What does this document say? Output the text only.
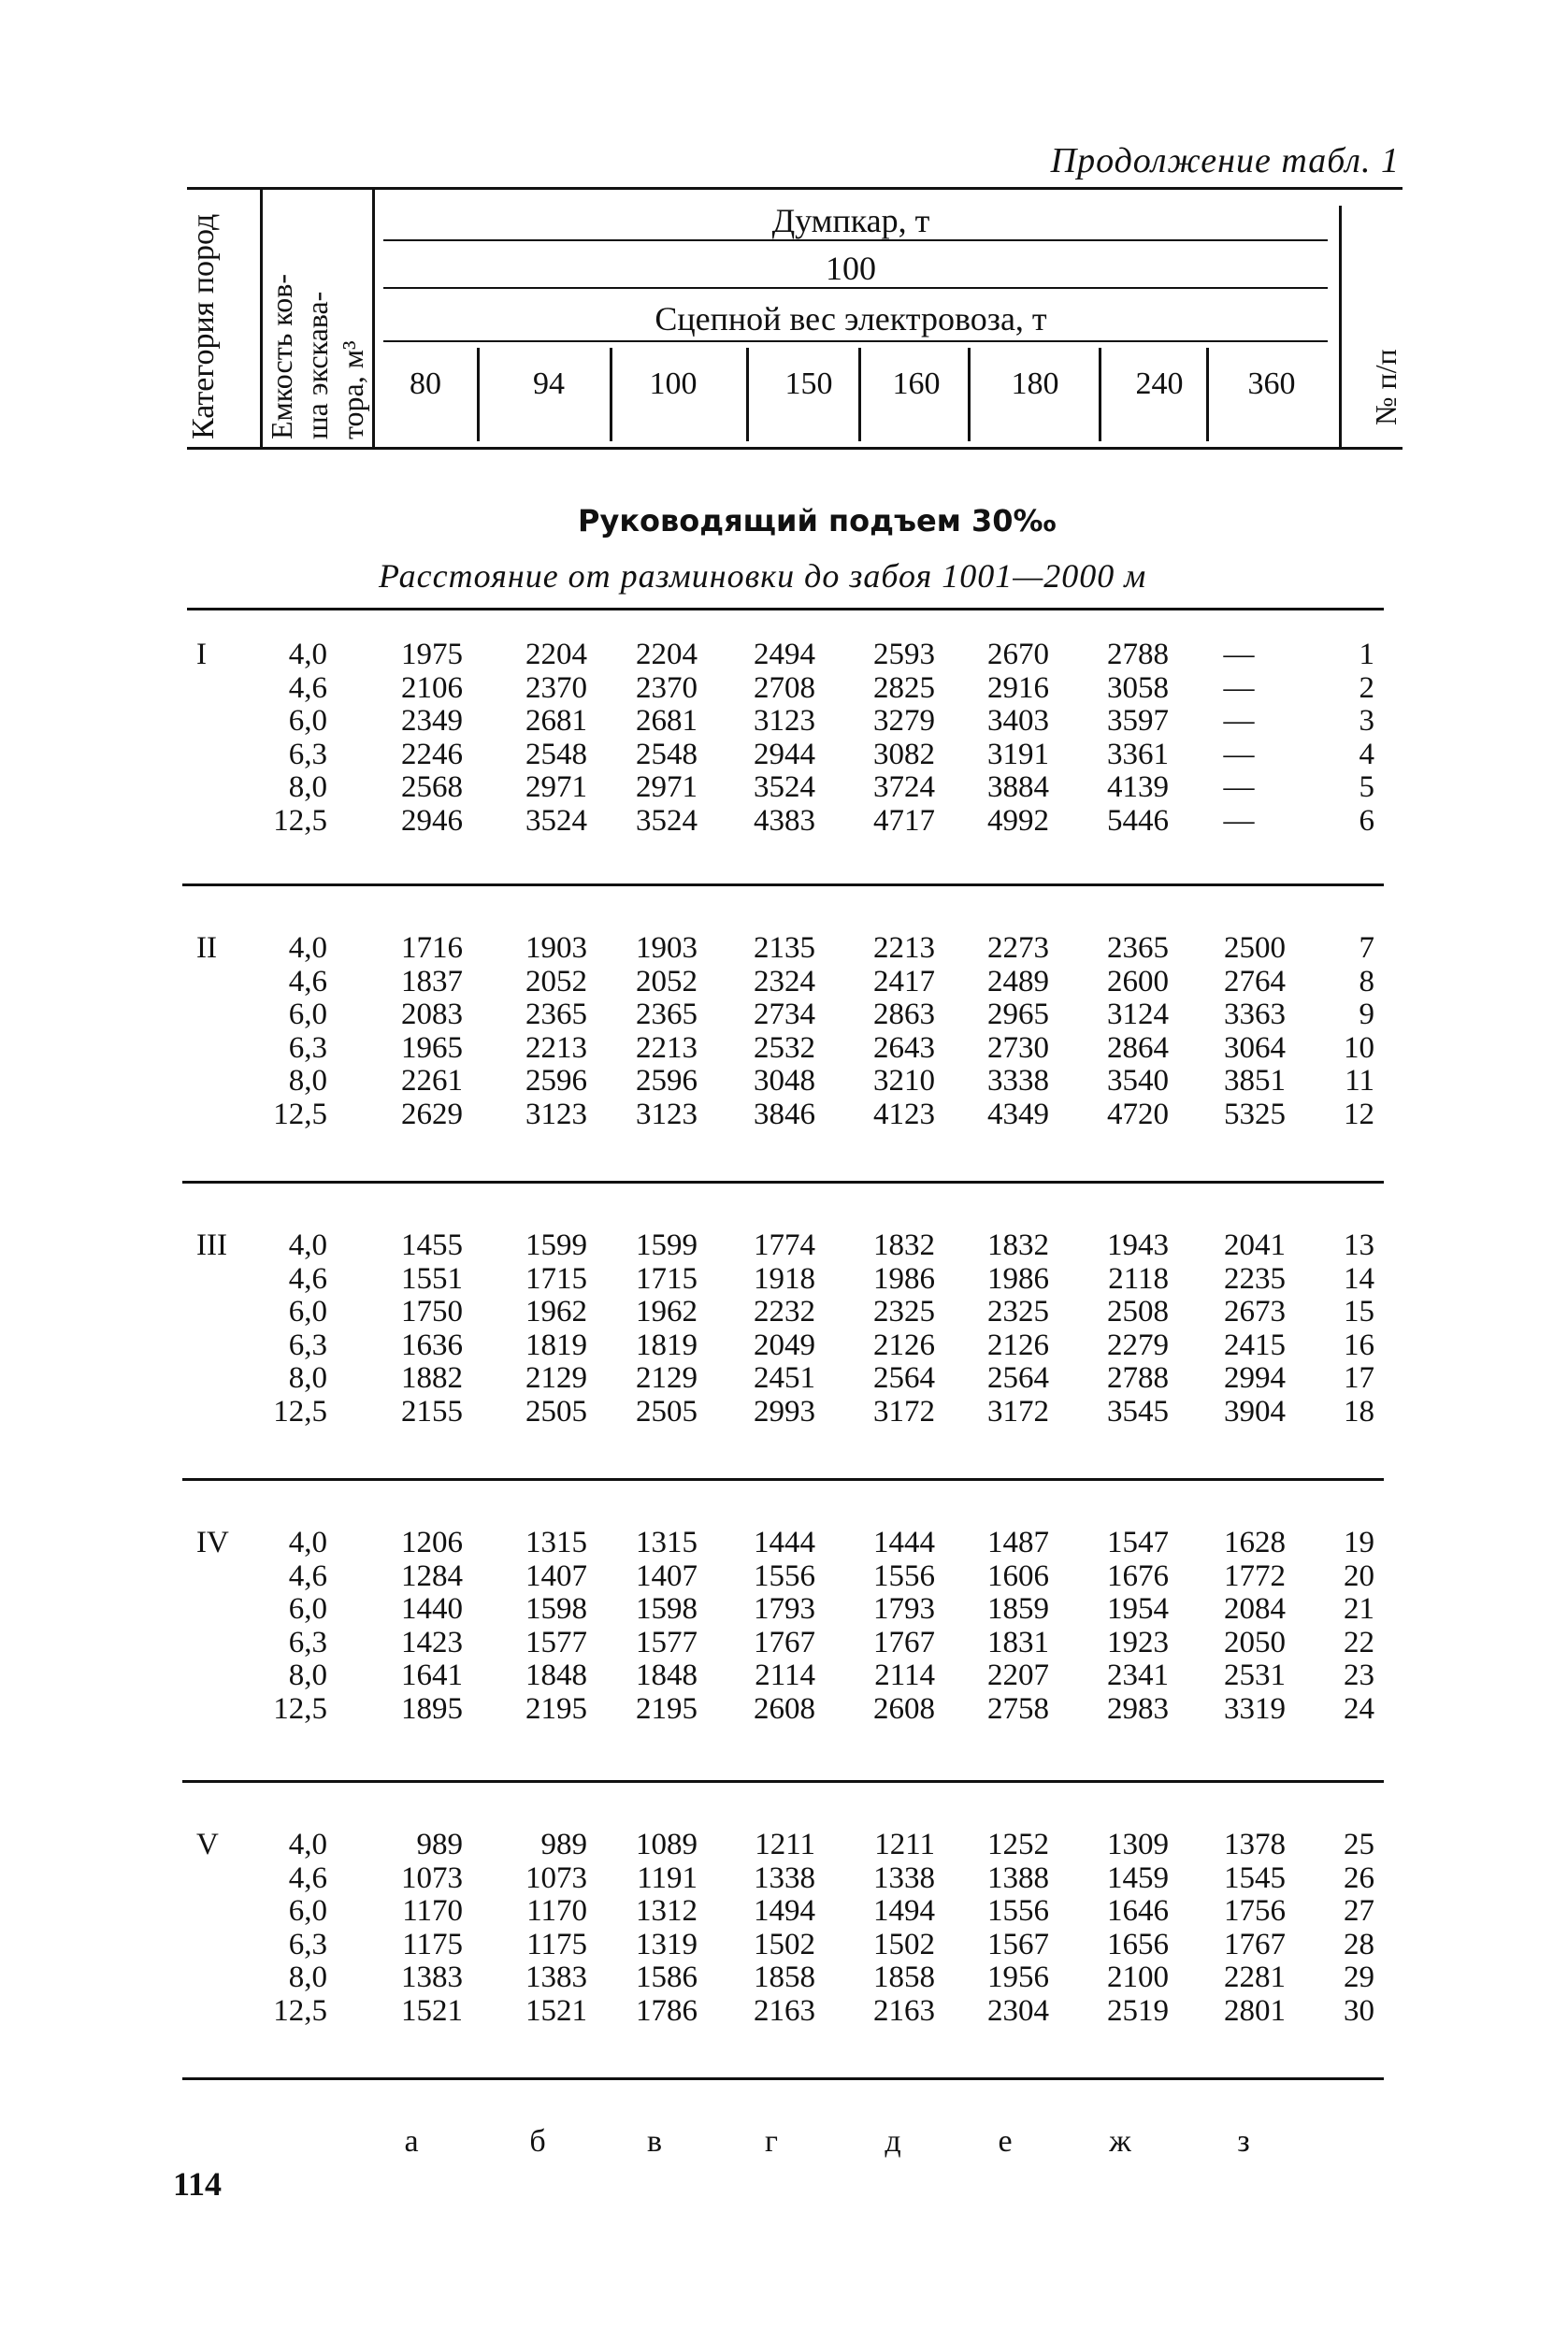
Продолжение табл. 1
Категория пород Емкость ков- ша экскава- тора, м³	№ п/п
Думпкар, т
100
Сцепной вес электровоза, т
80	94	100	150	160	180	240	360
Руководящий подъем 30‰
Расстояние от разминовки до забоя 1001—2000 м
I	4,0	1975	2204	2204	2494	2593	2670	2788	—	1
4,6	2106	2370	2370	2708	2825	2916	3058	—	2
6,0	2349	2681	2681	3123	3279	3403	3597	—	3
6,3	2246	2548	2548	2944	3082	3191	3361	—	4
8,0	2568	2971	2971	3524	3724	3884	4139	—	5
12,5	2946	3524	3524	4383	4717	4992	5446	—	6
II	4,0	1716	1903	1903	2135	2213	2273	2365	2500	7
4,6	1837	2052	2052	2324	2417	2489	2600	2764	8
6,0	2083	2365	2365	2734	2863	2965	3124	3363	9
6,3	1965	2213	2213	2532	2643	2730	2864	3064	10
8,0	2261	2596	2596	3048	3210	3338	3540	3851	11
12,5	2629	3123	3123	3846	4123	4349	4720	5325	12
III	4,0	1455	1599	1599	1774	1832	1832	1943	2041	13
4,6	1551	1715	1715	1918	1986	1986	2118	2235	14
6,0	1750	1962	1962	2232	2325	2325	2508	2673	15
6,3	1636	1819	1819	2049	2126	2126	2279	2415	16
8,0	1882	2129	2129	2451	2564	2564	2788	2994	17
12,5	2155	2505	2505	2993	3172	3172	3545	3904	18
IV	4,0	1206	1315	1315	1444	1444	1487	1547	1628	19
4,6	1284	1407	1407	1556	1556	1606	1676	1772	20
6,0	1440	1598	1598	1793	1793	1859	1954	2084	21
6,3	1423	1577	1577	1767	1767	1831	1923	2050	22
8,0	1641	1848	1848	2114	2114	2207	2341	2531	23
12,5	1895	2195	2195	2608	2608	2758	2983	3319	24
V	4,0	989	989	1089	1211	1211	1252	1309	1378	25
4,6	1073	1073	1191	1338	1338	1388	1459	1545	26
6,0	1170	1170	1312	1494	1494	1556	1646	1756	27
6,3	1175	1175	1319	1502	1502	1567	1656	1767	28
8,0	1383	1383	1586	1858	1858	1956	2100	2281	29
12,5	1521	1521	1786	2163	2163	2304	2519	2801	30
а	б	в	г	д	е	ж	з
114
